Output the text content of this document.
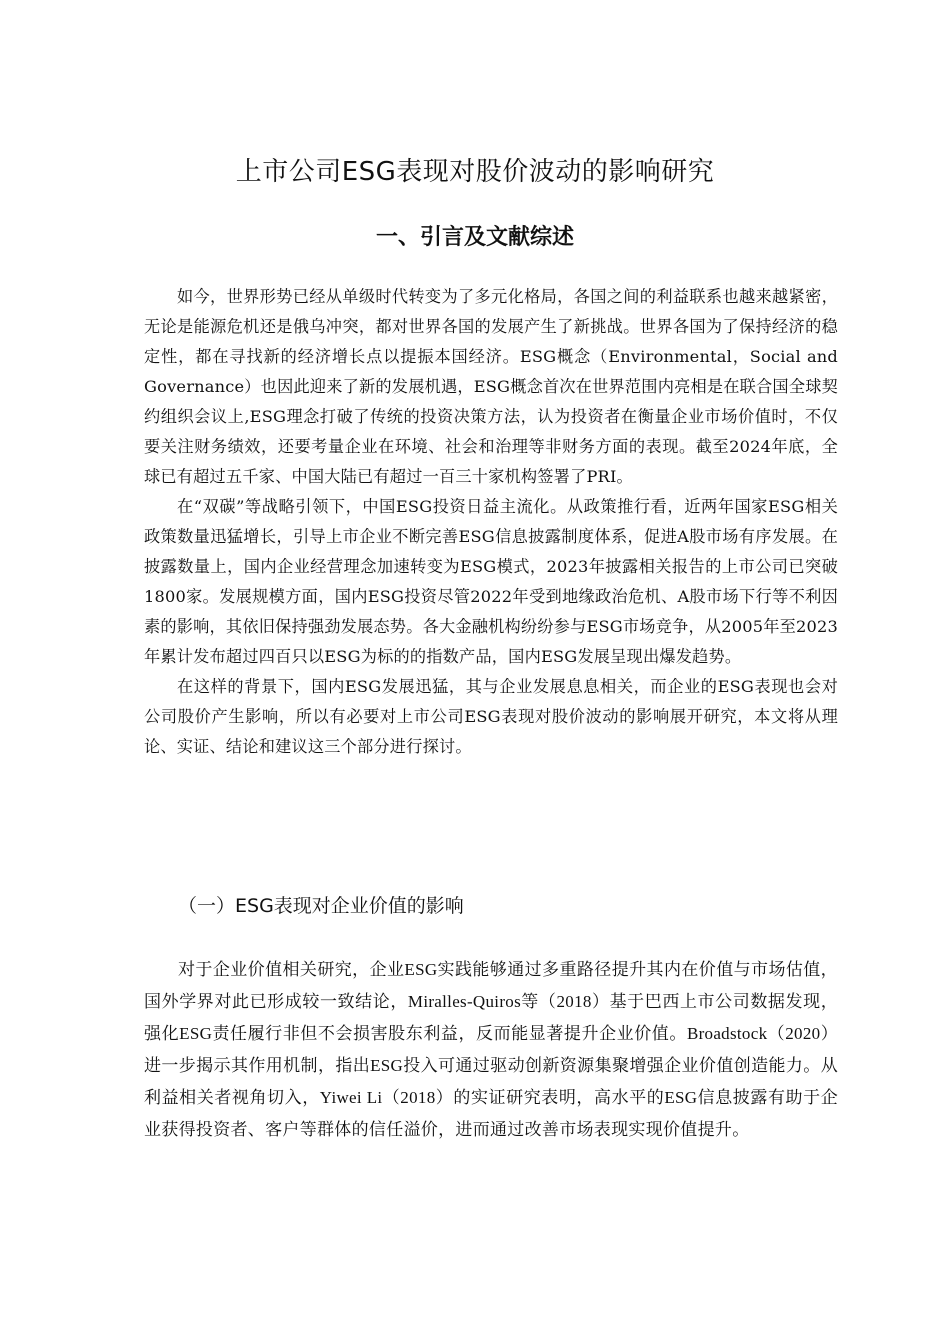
上市公司ESG表现对股价波动的影响研究
一、引言及文献综述

如今，世界形势已经从单级时代转变为了多元化格局，各国之间的利益联系也越来越紧密，无论是能源危机还是俄乌冲突，都对世界各国的发展产生了新挑战。世界各国为了保持经济的稳定性，都在寻找新的经济增长点以提振本国经济。ESG概念（Environmental，Social and Governance）也因此迎来了新的发展机遇，ESG概念首次在世界范围内亮相是在联合国全球契约组织会议上,ESG理念打破了传统的投资决策方法，认为投资者在衡量企业市场价值时，不仅要关注财务绩效，还要考量企业在环境、社会和治理等非财务方面的表现。截至2024年底，全球已有超过五千家、中国大陆已有超过一百三十家机构签署了PRI。

在“双碳”等战略引领下，中国ESG投资日益主流化。从政策推行看，近两年国家ESG相关政策数量迅猛增长，引导上市企业不断完善ESG信息披露制度体系，促进A股市场有序发展。在披露数量上，国内企业经营理念加速转变为ESG模式，2023年披露相关报告的上市公司已突破1800家。发展规模方面，国内ESG投资尽管2022年受到地缘政治危机、A股市场下行等不利因素的影响，其依旧保持强劲发展态势。各大金融机构纷纷参与ESG市场竞争，从2005年至2023年累计发布超过四百只以ESG为标的的指数产品，国内ESG发展呈现出爆发趋势。

在这样的背景下，国内ESG发展迅猛，其与企业发展息息相关，而企业的ESG表现也会对公司股价产生影响，所以有必要对上市公司ESG表现对股价波动的影响展开研究，本文将从理论、实证、结论和建议这三个部分进行探讨。

（一）ESG表现对企业价值的影响

对于企业价值相关研究，企业ESG实践能够通过多重路径提升其内在价值与市场估值，国外学界对此已形成较一致结论，Miralles-Quiros等（2018）基于巴西上市公司数据发现，强化ESG责任履行非但不会损害股东利益，反而能显著提升企业价值。Broadstock（2020）进一步揭示其作用机制，指出ESG投入可通过驱动创新资源集聚增强企业价值创造能力。从利益相关者视角切入，Yiwei Li（2018）的实证研究表明，高水平的ESG信息披露有助于企业获得投资者、客户等群体的信任溢价，进而通过改善市场表现实现价值提升。
